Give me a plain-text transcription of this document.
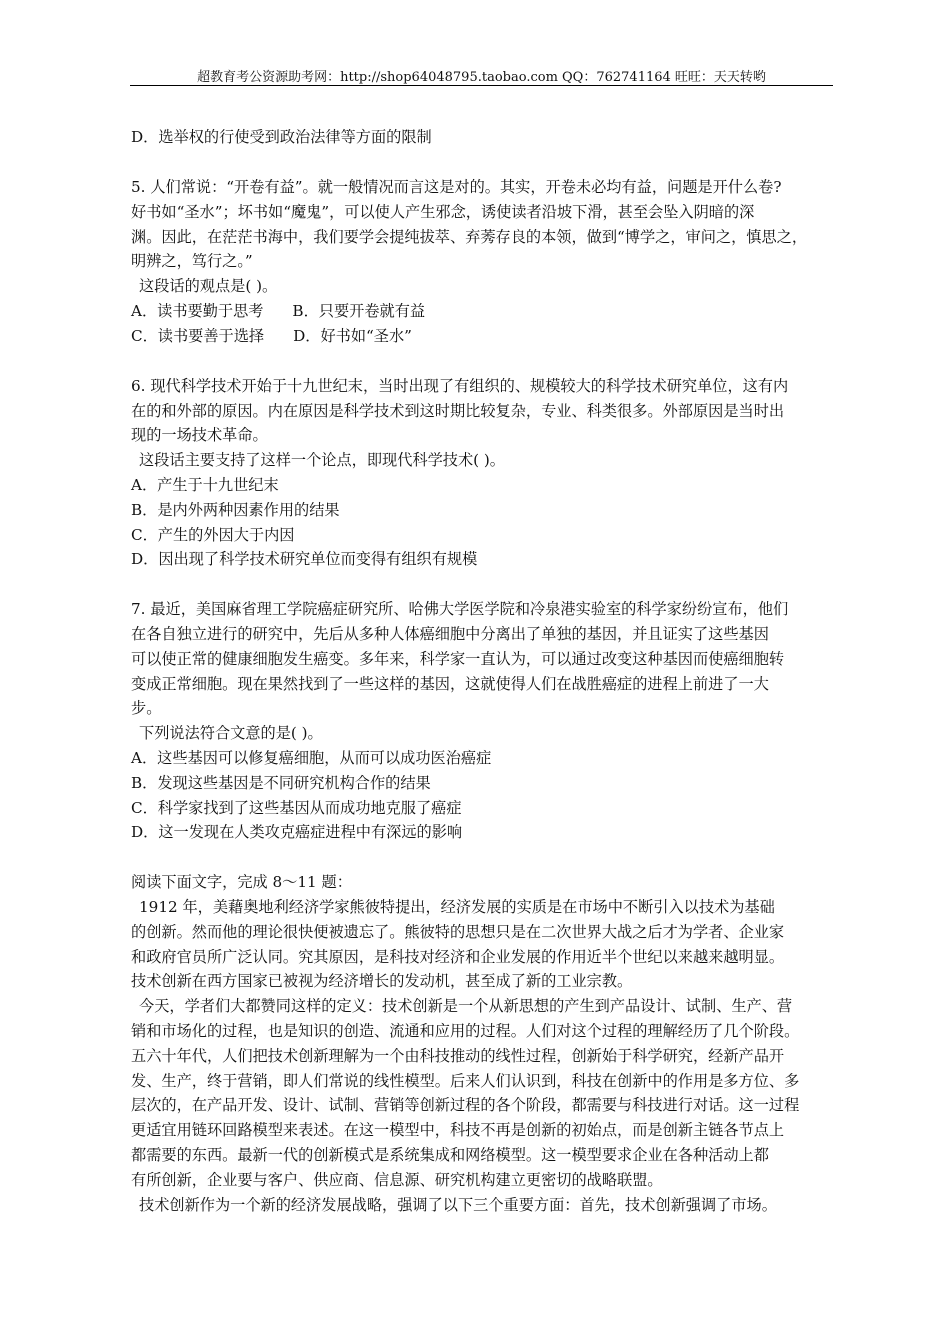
超教育考公资源助考网：http://shop64048795.taobao.com QQ：762741164 旺旺：天天转哟
D．选举权的行使受到政治法律等方面的限制
5. 人们常说：“开卷有益”。就一般情况而言这是对的。其实，开卷未必均有益，问题是开什么卷?
好书如“圣水”；坏书如“魔鬼”，可以使人产生邪念，诱使读者沿坡下滑，甚至会坠入阴暗的深
渊。因此，在茫茫书海中，我们要学会提纯拔萃、弃莠存良的本领，做到“博学之，审问之，慎思之，
明辨之，笃行之。”
这段话的观点是( )。
A．读书要勤于思考      B．只要开卷就有益
C．读书要善于选择      D．好书如“圣水”
6. 现代科学技术开始于十九世纪末，当时出现了有组织的、规模较大的科学技术研究单位，这有内
在的和外部的原因。内在原因是科学技术到这时期比较复杂，专业、科类很多。外部原因是当时出
现的一场技术革命。
这段话主要支持了这样一个论点，即现代科学技术( )。
A．产生于十九世纪末
B．是内外两种因素作用的结果
C．产生的外因大于内因
D．因出现了科学技术研究单位而变得有组织有规模
7. 最近，美国麻省理工学院癌症研究所、哈佛大学医学院和冷泉港实验室的科学家纷纷宣布，他们
在各自独立进行的研究中，先后从多种人体癌细胞中分离出了单独的基因，并且证实了这些基因
可以使正常的健康细胞发生癌变。多年来，科学家一直认为，可以通过改变这种基因而使癌细胞转
变成正常细胞。现在果然找到了一些这样的基因，这就使得人们在战胜癌症的进程上前进了一大
步。
下列说法符合文意的是( )。
A．这些基因可以修复癌细胞，从而可以成功医治癌症
B．发现这些基因是不同研究机构合作的结果
C．科学家找到了这些基因从而成功地克服了癌症
D．这一发现在人类攻克癌症进程中有深远的影响
阅读下面文字，完成 8～11 题：
1912 年，美藉奥地利经济学家熊彼特提出，经济发展的实质是在市场中不断引入以技术为基础
的创新。然而他的理论很快便被遗忘了。熊彼特的思想只是在二次世界大战之后才为学者、企业家
和政府官员所广泛认同。究其原因，是科技对经济和企业发展的作用近半个世纪以来越来越明显。
技术创新在西方国家已被视为经济增长的发动机，甚至成了新的工业宗教。
今天，学者们大都赞同这样的定义：技术创新是一个从新思想的产生到产品设计、试制、生产、营
销和市场化的过程，也是知识的创造、流通和应用的过程。人们对这个过程的理解经历了几个阶段。
五六十年代，人们把技术创新理解为一个由科技推动的线性过程，创新始于科学研究，经新产品开
发、生产，终于营销，即人们常说的线性模型。后来人们认识到，科技在创新中的作用是多方位、多
层次的，在产品开发、设计、试制、营销等创新过程的各个阶段，都需要与科技进行对话。这一过程
更适宜用链环回路模型来表述。在这一模型中，科技不再是创新的初始点，而是创新主链各节点上
都需要的东西。最新一代的创新模式是系统集成和网络模型。这一模型要求企业在各种活动上都
有所创新，企业要与客户、供应商、信息源、研究机构建立更密切的战略联盟。
技术创新作为一个新的经济发展战略，强调了以下三个重要方面：首先，技术创新强调了市场。
